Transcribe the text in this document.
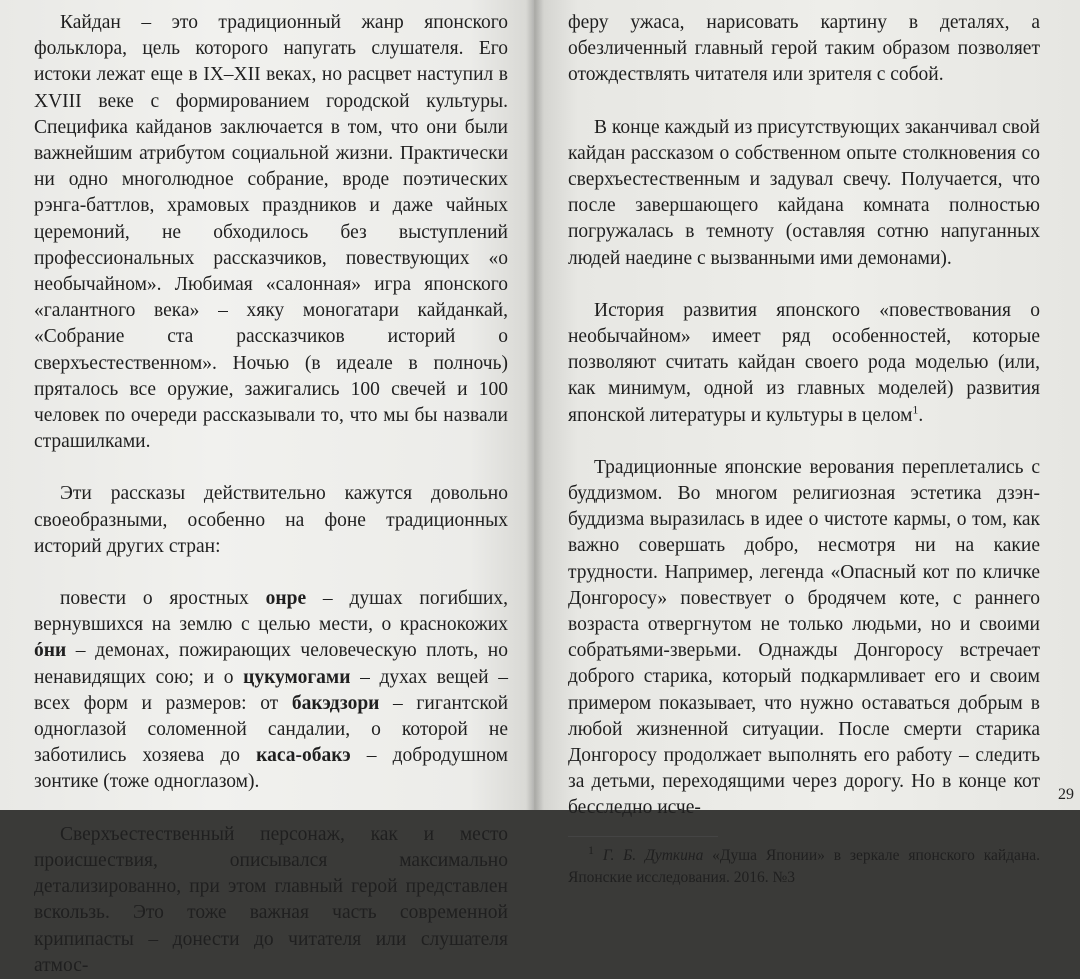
Кайдан – это традиционный жанр японского фольклора, цель которого напугать слушателя. Его истоки лежат еще в IX–XII веках, но расцвет наступил в XVIII веке с формированием городской культуры. Специфика кайданов заключается в том, что они были важнейшим атрибутом социальной жизни. Практически ни одно многолюдное собрание, вроде поэтических рэнга-баттлов, храмовых праздников и даже чайных церемоний, не обходилось без выступлений профессиональных рассказчиков, повествующих «о необычайном». Любимая «салонная» игра японского «галантного века» – хяку моногатари кайданкай, «Собрание ста рассказчиков историй о сверхъестественном». Ночью (в идеале в полночь) пряталось все оружие, зажигались 100 свечей и 100 человек по очереди рассказывали то, что мы бы назвали страшилками.

Эти рассказы действительно кажутся довольно своеобразными, особенно на фоне традиционных историй других стран:

повести о яростных онре – душах погибших, вернувшихся на землю с целью мести, о краснокожих óни – демонах, пожирающих человеческую плоть, но ненавидящих сою; и о цукумогами – духах вещей – всех форм и размеров: от бакэдзори – гигантской одноглазой соломенной сандалии, о которой не заботились хозяева до каса-обакэ – добродушном зонтике (тоже одноглазом).

Сверхъестественный персонаж, как и место происшествия, описывался максимально детализированно, при этом главный герой представлен вскользь. Это тоже важная часть современной крипипасты – донести до читателя или слушателя атмос-

феру ужаса, нарисовать картину в деталях, а обезличенный главный герой таким образом позволяет отождествлять читателя или зрителя с собой.

В конце каждый из присутствующих заканчивал свой кайдан рассказом о собственном опыте столкновения со сверхъестественным и задувал свечу. Получается, что после завершающего кайдана комната полностью погружалась в темноту (оставляя сотню напуганных людей наедине с вызванными ими демонами).

История развития японского «повествования о необычайном» имеет ряд особенностей, которые позволяют считать кайдан своего рода моделью (или, как минимум, одной из главных моделей) развития японской литературы и культуры в целом$^1$.

Традиционные японские верования переплетались с буддизмом. Во многом религиозная эстетика дзэн-буддизма выразилась в идее о чистоте кармы, о том, как важно совершать добро, несмотря ни на какие трудности. Например, легенда «Опасный кот по кличке Донгоросу» повествует о бродячем коте, с раннего возраста отвергнутом не только людьми, но и своими собратьями-зверьми. Однажды Донгоросу встречает доброго старика, который подкармливает его и своим примером показывает, что нужно оставаться добрым в любой жизненной ситуации. После смерти старика Донгоросу продолжает выполнять его работу – следить за детьми, переходящими через дорогу. Но в конце кот бесследно исче-

$^1$ Г. Б. Дуткина «Душа Японии» в зеркале японского кайдана. Японские исследования. 2016. №3

29
